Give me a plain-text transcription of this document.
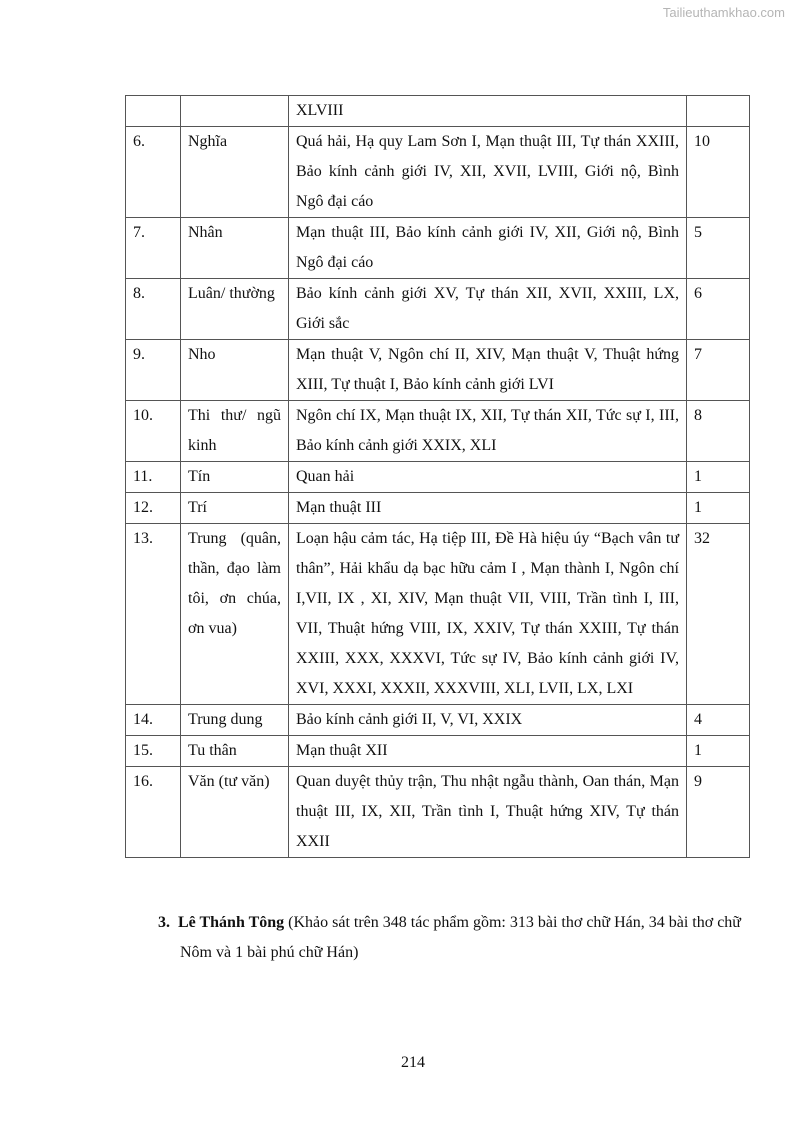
Tailieuthamkhao.com
		XLVIII	
6.	Nghĩa	Quá hải, Hạ quy Lam Sơn I, Mạn thuật III, Tự thán XXIII, Bảo kính cảnh giới IV, XII, XVII, LVIII, Giới nộ, Bình Ngô đại cáo	10
7.	Nhân	Mạn thuật III, Bảo kính cảnh giới IV, XII, Giới nộ, Bình Ngô đại cáo	5
8.	Luân/ thường	Bảo kính cảnh giới XV, Tự thán XII, XVII, XXIII, LX, Giới sắc	6
9.	Nho	Mạn thuật V, Ngôn chí II, XIV, Mạn thuật V, Thuật hứng XIII, Tự thuật I, Bảo kính cảnh giới LVI	7
10.	Thi thư/ ngũ kinh	Ngôn chí IX, Mạn thuật IX, XII, Tự thán XII, Tức sự I, III, Bảo kính cảnh giới XXIX, XLI	8
11.	Tín	Quan hải	1
12.	Trí	Mạn thuật III	1
13.	Trung (quân, thần, đạo làm tôi, ơn chúa, ơn vua)	Loạn hậu cảm tác, Hạ tiệp III, Đề Hà hiệu úy “Bạch vân tư thân”, Hải khẩu dạ bạc hữu cảm I , Mạn thành I, Ngôn chí I,VII, IX , XI, XIV, Mạn thuật VII, VIII, Trần tình I, III, VII, Thuật hứng VIII, IX, XXIV, Tự thán XXIII, Tự thán XXIII, XXX, XXXVI, Tức sự IV, Bảo kính cảnh giới IV, XVI, XXXI, XXXII, XXXVIII, XLI, LVII, LX, LXI	32
14.	Trung dung	Bảo kính cảnh giới II, V, VI, XXIX	4
15.	Tu thân	Mạn thuật XII	1
16.	Văn (tư văn)	Quan duyệt thủy trận, Thu nhật ngẫu thành, Oan thán, Mạn thuật III, IX, XII, Trần tình I, Thuật hứng XIV, Tự thán XXII	9
3. Lê Thánh Tông (Khảo sát trên 348 tác phẩm gồm: 313 bài thơ chữ Hán, 34 bài thơ chữ Nôm và 1 bài phú chữ Hán)
214
